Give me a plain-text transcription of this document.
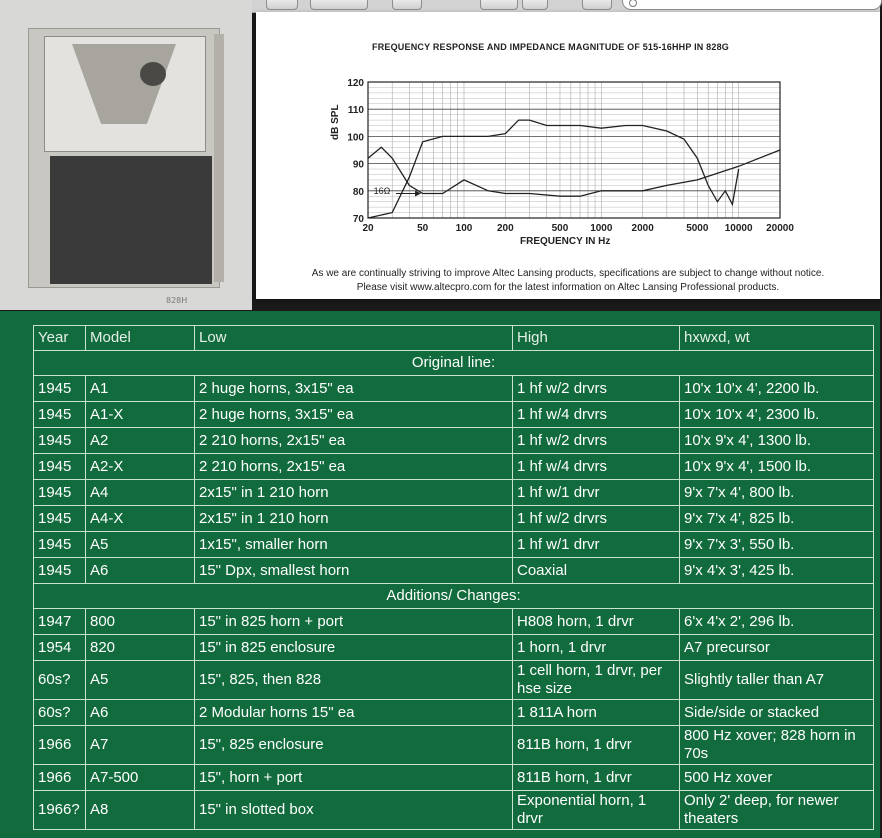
828H
FREQUENCY RESPONSE AND IMPEDANCE MAGNITUDE OF 515-16HHP IN 828G
dB SPL
70
80
90
100
110
120
20	50	100 200	500 1000 2000	5000 10000 20000
16Ω
FREQUENCY IN Hz
As we are continually striving to improve Altec Lansing products, specifications are subject to change without notice.
Please visit www.altecpro.com for the latest information on Altec Lansing Professional products.
Year	Model	Low	High	hxwxd, wt
Original line:				
1945	A1	2 huge horns, 3x15" ea	1 hf w/2 drvrs	10'x 10'x 4', 2200 lb.
1945	A1-X	2 huge horns, 3x15" ea	1 hf w/4 drvrs	10'x 10'x 4', 2300 lb.
1945	A2	2 210 horns, 2x15" ea	1 hf w/2 drvrs	10'x 9'x 4', 1300 lb.
1945	A2-X	2 210 horns, 2x15" ea	1 hf w/4 drvrs	10'x 9'x 4', 1500 lb.
1945	A4	2x15" in 1 210 horn	1 hf w/1 drvr	9'x 7'x 4', 800 lb.
1945	A4-X	2x15" in 1 210 horn	1 hf w/2 drvrs	9'x 7'x 4', 825 lb.
1945	A5	1x15", smaller horn	1 hf w/1 drvr	9'x 7'x 3', 550 lb.
1945	A6	15" Dpx, smallest horn	Coaxial	9'x 4'x 3', 425 lb.
Additions/ Changes:				
1947	800	15" in 825 horn + port	H808 horn, 1 drvr	6'x 4'x 2', 296 lb.
1954	820	15" in 825 enclosure	1 horn, 1 drvr	A7 precursor
60s?	A5	15", 825, then 828	1 cell horn, 1 drvr, per hse size	Slightly taller than A7
60s?	A6	2 Modular horns 15" ea	1 811A horn	Side/side or stacked
1966	A7	15", 825 enclosure	811B horn, 1 drvr	800 Hz xover; 828 horn in 70s
1966	A7-500	15", horn + port	811B horn, 1 drvr	500 Hz xover
1966?	A8	15" in slotted box	Exponential horn, 1 drvr	Only 2' deep, for newer theaters
